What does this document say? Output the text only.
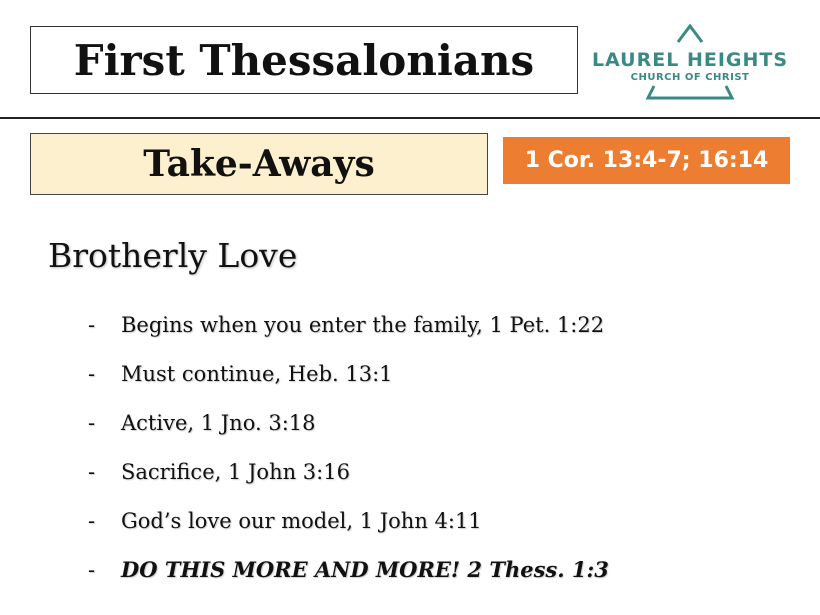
First Thessalonians	LAUREL HEIGHTS
CHURCH OF CHRIST
Take-Aways	1 Cor. 13:4-7; 16:14
Brotherly Love
-	Begins when you enter the family, 1 Pet. 1:22
-	Must continue, Heb. 13:1
-	Active, 1 Jno. 3:18
-	Sacrifice, 1 John 3:16
-	God’s love our model, 1 John 4:11
-	DO THIS MORE AND MORE! 2 Thess. 1:3
